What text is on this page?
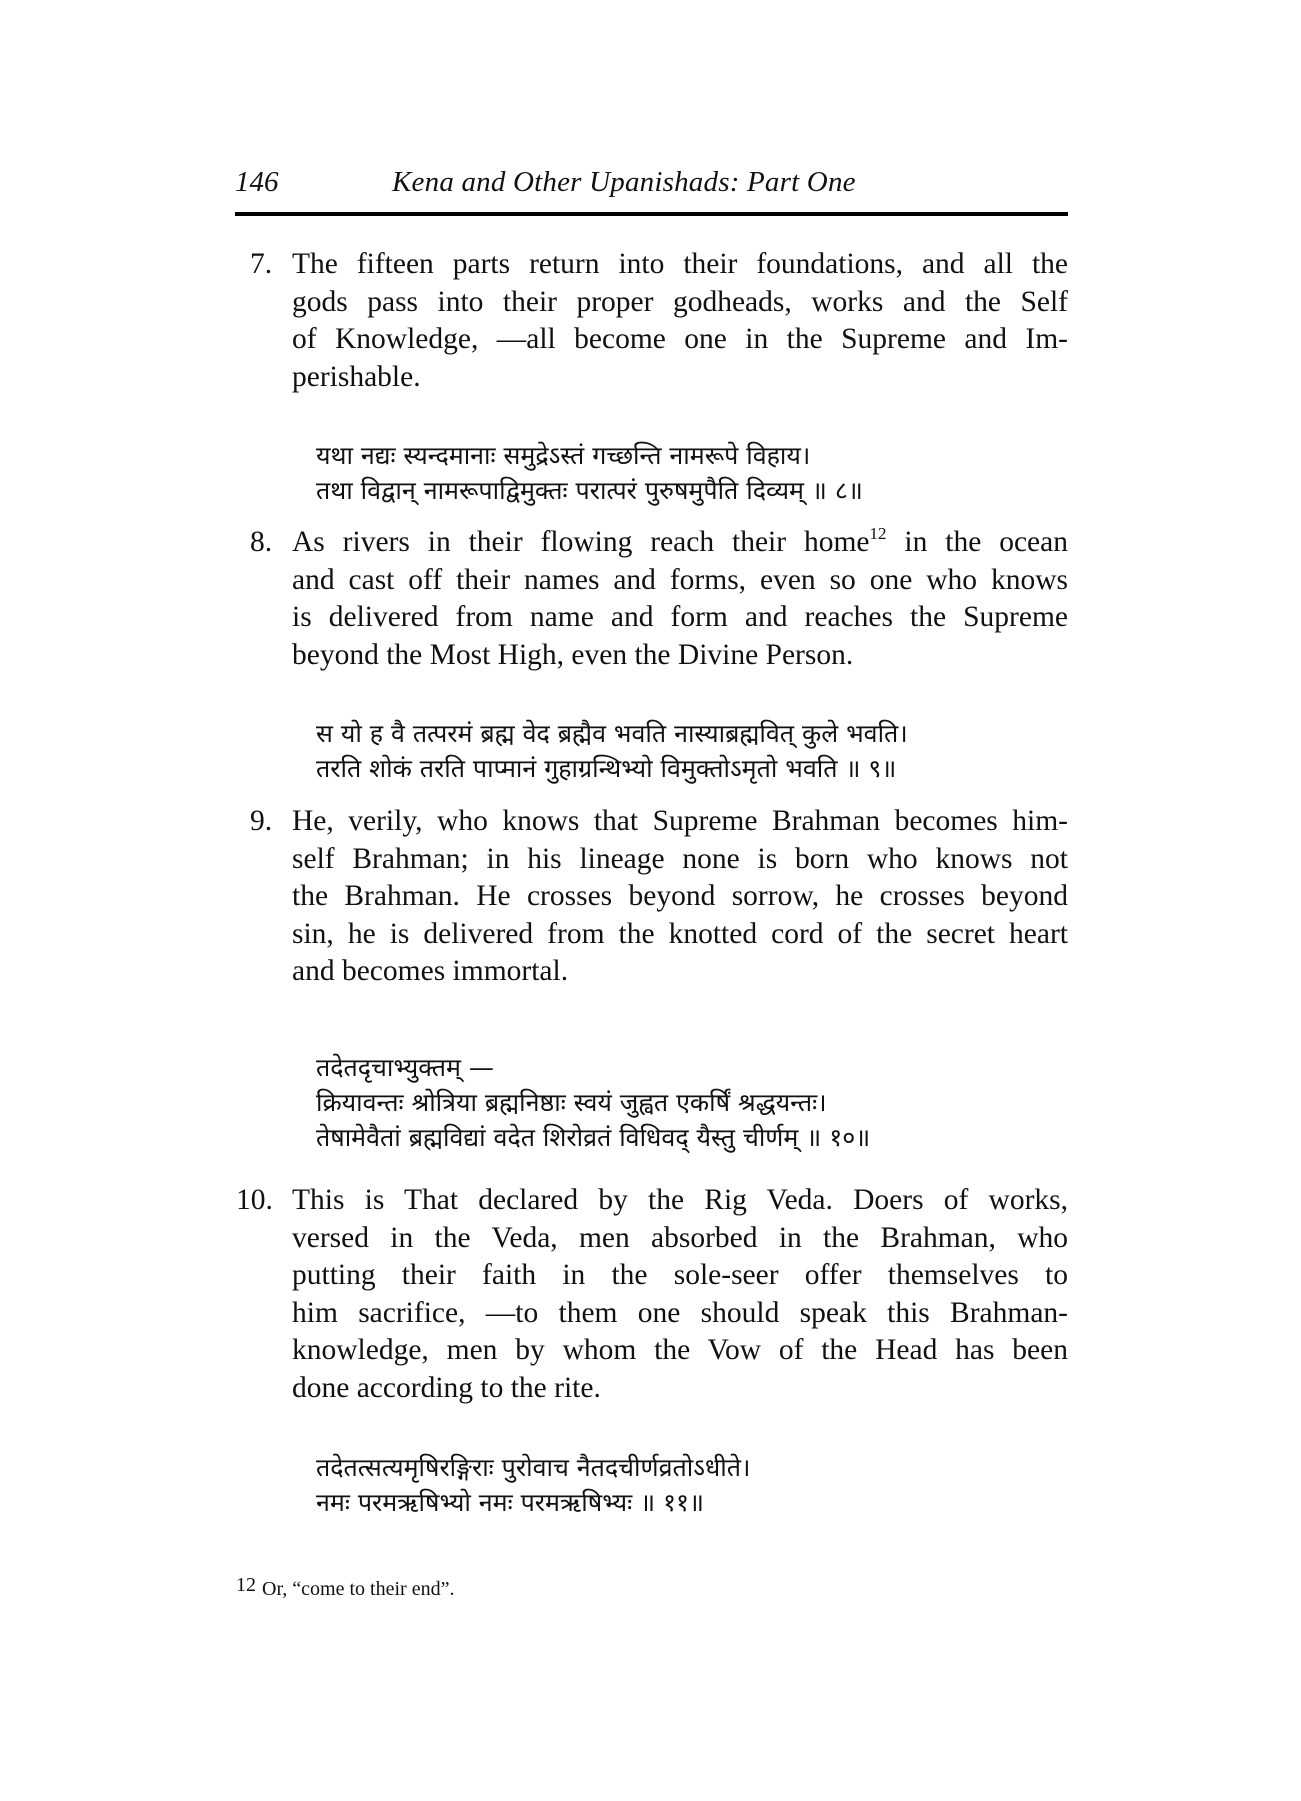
146	Kena and Other Upanishads: Part One
7. The fifteen parts return into their foundations, and all the
gods pass into their proper godheads, works and the Self
of Knowledge, —all become one in the Supreme and Im-
perishable.
यथा नद्यः स्यन्दमानाः समुद्रेऽस्तं गच्छन्ति नामरूपे विहाय।
तथा विद्वान् नामरूपाद्विमुक्तः परात्परं पुरुषमुपैति दिव्यम् ॥ ८॥
8. As rivers in their flowing reach their home$^{12}$ in the ocean
and cast off their names and forms, even so one who knows
is delivered from name and form and reaches the Supreme
beyond the Most High, even the Divine Person.
स यो ह वै तत्परमं ब्रह्म वेद ब्रह्मैव भवति नास्याब्रह्मवित् कुले भवति।
तरति शोकं तरति पाप्मानं गुहाग्रन्थिभ्यो विमुक्तोऽमृतो भवति ॥ ९॥
9. He, verily, who knows that Supreme Brahman becomes him-
self Brahman; in his lineage none is born who knows not
the Brahman. He crosses beyond sorrow, he crosses beyond
sin, he is delivered from the knotted cord of the secret heart
and becomes immortal.
तदेतदृचाभ्युक्तम् —
क्रियावन्तः श्रोत्रिया ब्रह्मनिष्ठाः स्वयं जुह्वत एकर्षिं श्रद्धयन्तः।
तेषामेवैतां ब्रह्मविद्यां वदेत शिरोव्रतं विधिवद् यैस्तु चीर्णम् ॥ १०॥
10. This is That declared by the Rig Veda. Doers of works,
versed in the Veda, men absorbed in the Brahman, who
putting their faith in the sole-seer offer themselves to
him sacrifice, —to them one should speak this Brahman-
knowledge, men by whom the Vow of the Head has been
done according to the rite.
तदेतत्सत्यमृषिरङ्गिराः पुरोवाच नैतदचीर्णव्रतोऽधीते।
नमः परमऋषिभ्यो नमः परमऋषिभ्यः ॥ ११॥
12 Or, “come to their end”.
